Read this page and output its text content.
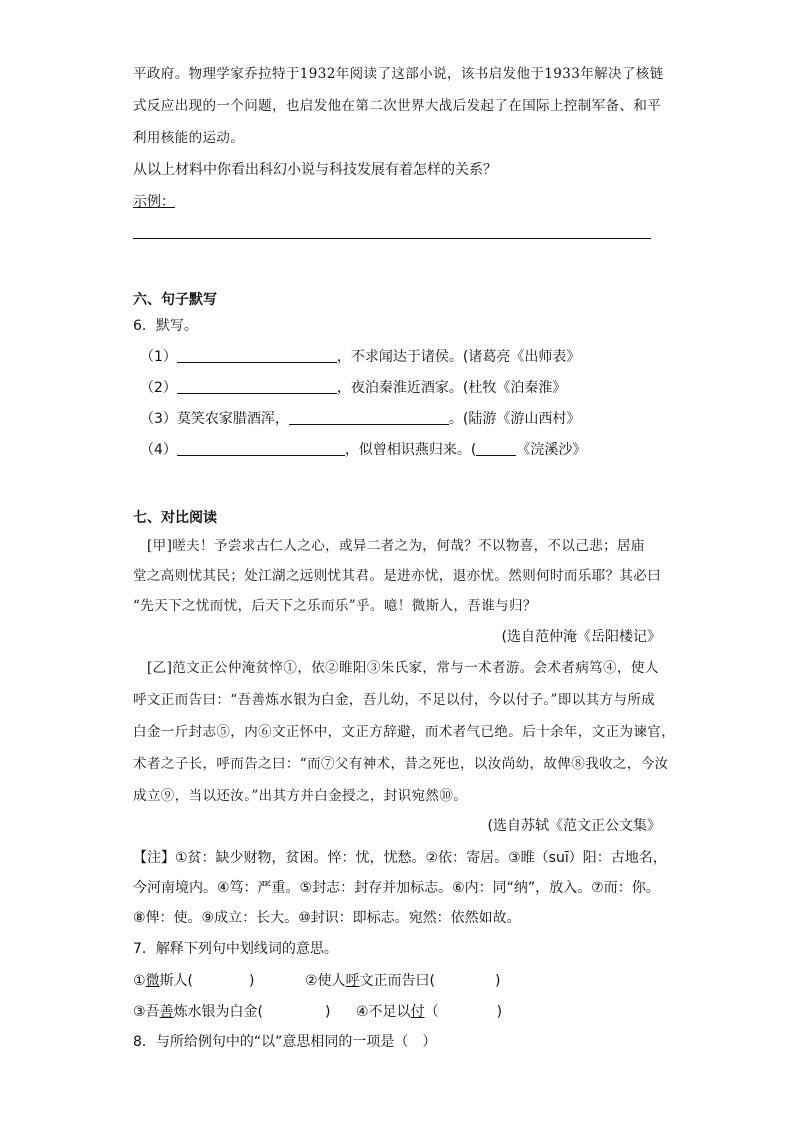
平政府。物理学家乔拉特于1932年阅读了这部小说，该书启发他于1933年解决了核链
式反应出现的一个问题，也启发他在第二次世界大战后发起了在国际上控制军备、和平
利用核能的运动。
从以上材料中你看出科幻小说与科技发展有着怎样的关系？
示例：
六、句子默写
6．默写。
（1）	，不求闻达于诸侯。(诸葛亮《出师表》
（2）	，夜泊秦淮近酒家。(杜牧《泊秦淮》
（3）莫笑农家腊酒浑，	。(陆游《游山西村》
（4）	，似曾相识燕归来。(	《浣溪沙》
七、对比阅读
[甲]嗟夫！予尝求古仁人之心，或异二者之为，何哉？不以物喜，不以己悲；居庙
堂之高则忧其民；处江湖之远则忧其君。是进亦忧，退亦忧。然则何时而乐耶？其必曰
“先天下之忧而忧，后天下之乐而乐”乎。噫！微斯人，吾谁与归？
(选自范仲淹《岳阳楼记》
[乙]范文正公仲淹贫悴①，依②睢阳③朱氏家，常与一术者游。会术者病笃④，使人
呼文正而告曰：“吾善炼水银为白金，吾儿幼，不足以付，今以付子。”即以其方与所成
白金一斤封志⑤，内⑥文正怀中，文正方辞避，而术者气已绝。后十余年，文正为谏官，
术者之子长，呼而告之曰：“而⑦父有神术，昔之死也，以汝尚幼，故俾⑧我收之，今汝
成立⑨，当以还汝。”出其方并白金授之，封识宛然⑩。
(选自苏轼《范文正公文集》
【注】①贫：缺少财物，贫困。悴：忧，忧愁。②依：寄居。③睢（suī）阳：古地名，
今河南境内。④笃：严重。⑤封志：封存并加标志。⑥内：同“纳”，放入。⑦而：你。
⑧俾：使。⑨成立：长大。⑩封识：即标志。宛然：依然如故。
7．解释下列句中划线词的意思。
①微斯人(	)	②使人呼文正而告曰(	)
③吾善炼水银为白金(	) ④不足以付（	)
8．与所给例句中的“以”意思相同的一项是（　）
